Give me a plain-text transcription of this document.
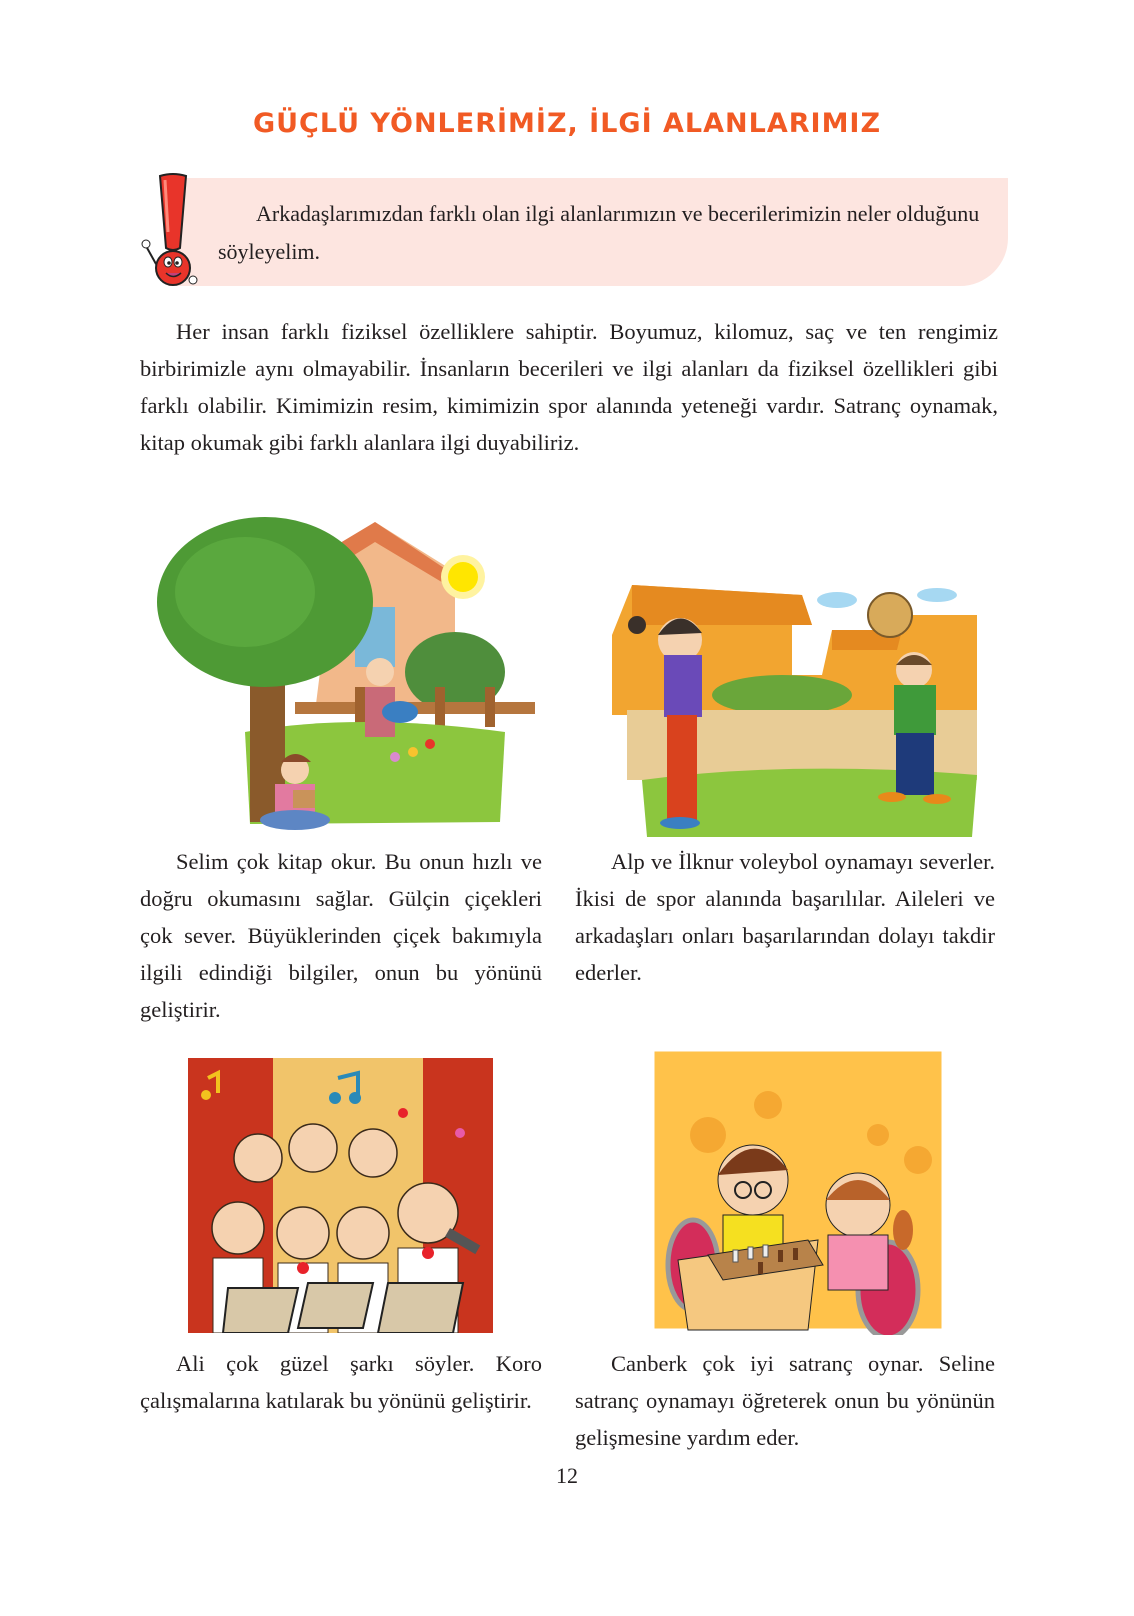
GÜÇLÜ YÖNLERİMİZ, İLGİ ALANLARIMIZ
Arkadaşlarımızdan farklı olan ilgi alanlarımızın ve becerilerimizin neler olduğunu söyleyelim.
Her insan farklı fiziksel özelliklere sahiptir. Boyumuz, kilomuz, saç ve ten rengimiz birbirimizle aynı olmayabilir. İnsanların becerileri ve ilgi alanları da fiziksel özellikleri gibi farklı olabilir. Kimimizin resim, kimimizin spor alanında yeteneği vardır. Satranç oynamak, kitap okumak gibi farklı alanlara ilgi duyabiliriz.
Selim çok kitap okur. Bu onun hızlı ve doğru okumasını sağlar. Gülçin çiçekleri çok sever. Büyüklerinden çiçek bakımıyla ilgili edindiği bilgiler, onun bu yönünü geliştirir.
Alp ve İlknur voleybol oynamayı severler. İkisi de spor alanında başarılılar. Aileleri ve arkadaşları onları başarılarından dolayı takdir ederler.
Ali çok güzel şarkı söyler. Koro çalışmalarına katılarak bu yönünü geliştirir.
Canberk çok iyi satranç oynar. Seline satranç oynamayı öğreterek onun bu yönünün gelişmesine yardım eder.
12
